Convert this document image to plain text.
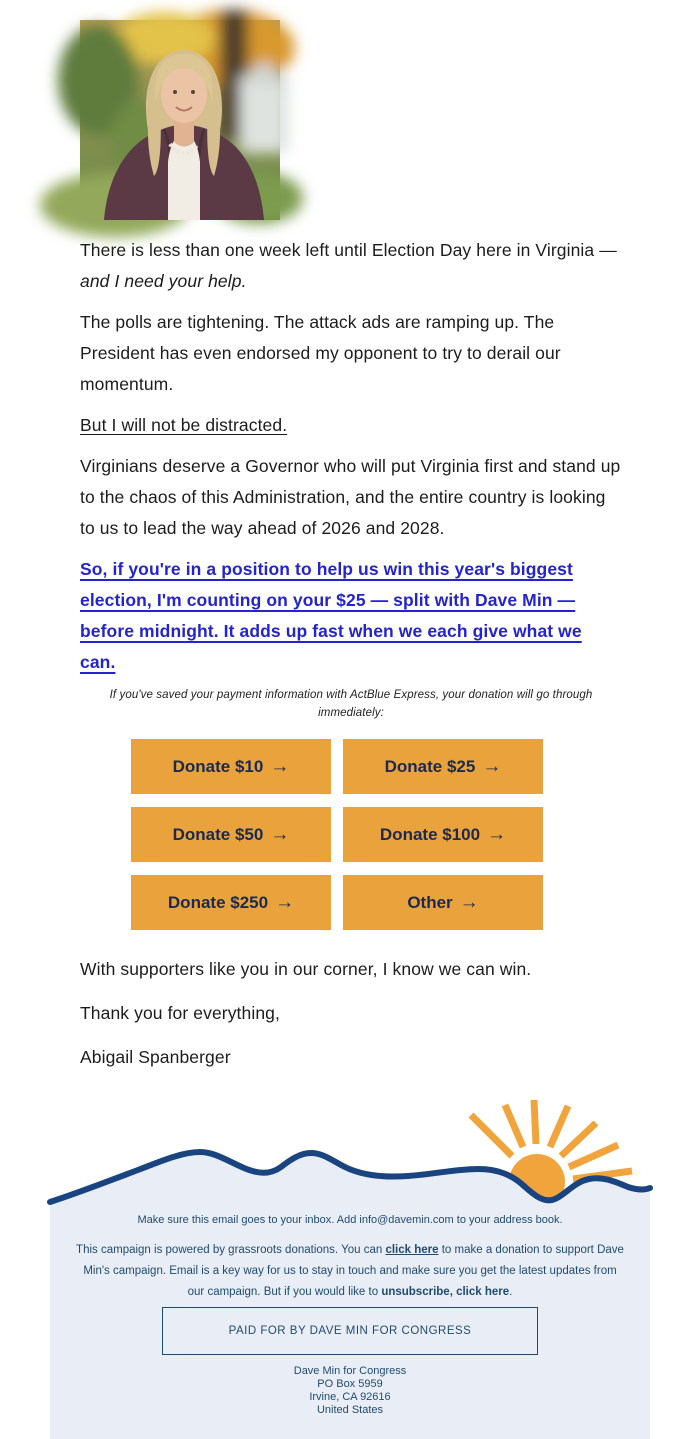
There is less than one week left until Election Day here in Virginia — and I need your help.

The polls are tightening. The attack ads are ramping up. The President has even endorsed my opponent to try to derail our momentum.

But I will not be distracted.

Virginians deserve a Governor who will put Virginia first and stand up to the chaos of this Administration, and the entire country is looking to us to lead the way ahead of 2026 and 2028.

So, if you're in a position to help us win this year's biggest election, I'm counting on your $25 — split with Dave Min — before midnight. It adds up fast when we each give what we can.

If you've saved your payment information with ActBlue Express, your donation will go through immediately:

Donate $10 →	Donate $25 →
Donate $50 →	Donate $100 →
Donate $250 →	Other →

With supporters like you in our corner, I know we can win.

Thank you for everything,

Abigail Spanberger

Make sure this email goes to your inbox. Add info@davemin.com to your address book.

This campaign is powered by grassroots donations. You can click here to make a donation to support Dave Min's campaign. Email is a key way for us to stay in touch and make sure you get the latest updates from our campaign. But if you would like to unsubscribe, click here.

PAID FOR BY DAVE MIN FOR CONGRESS
Dave Min for Congress
PO Box 5959
Irvine, CA 92616
United States
